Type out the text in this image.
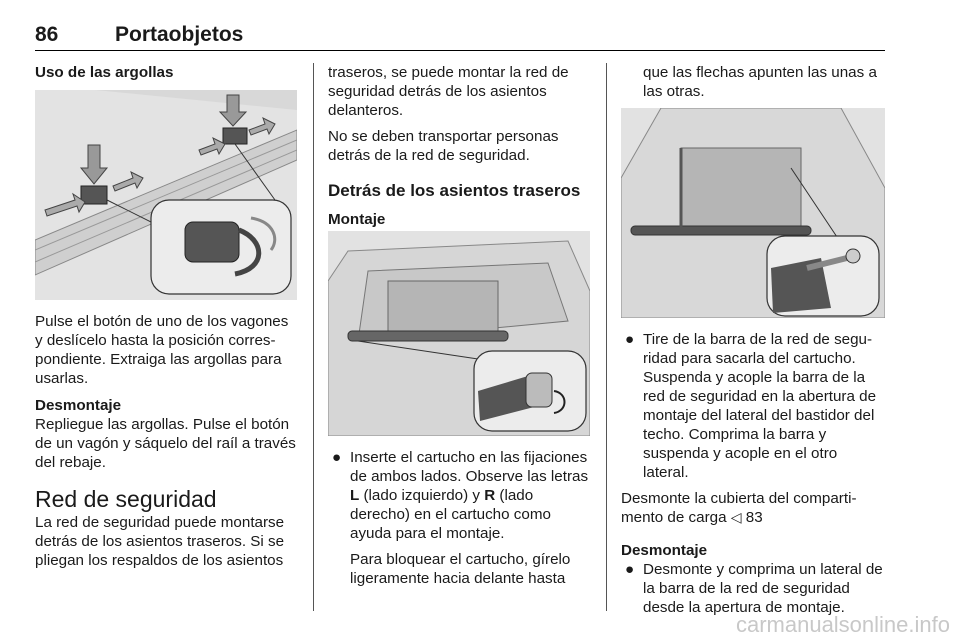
86	Portaobjetos
Uso de las argollas

Pulse el botón de uno de los vagones y deslícelo hasta la posición correspondiente. Extraiga las argollas para usarlas.

Desmontaje

Repliegue las argollas. Pulse el botón de un vagón y sáquelo del raíl a través del rebaje.

Red de seguridad

La red de seguridad puede montarse detrás de los asientos traseros. Si se pliegan los respaldos de los asientos

traseros, se puede montar la red de seguridad detrás de los asientos delanteros.

No se deben transportar personas detrás de la red de seguridad.

Detrás de los asientos traseros
Montaje
● Inserte el cartucho en las fijaciones de ambos lados. Observe las letras L (lado izquierdo) y R (lado derecho) en el cartucho como ayuda para el montaje.

Para bloquear el cartucho, gírelo ligeramente hacia delante hasta

que las flechas apunten las unas a las otras.

● Tire de la barra de la red de seguridad para sacarla del cartucho. Suspenda y acople la barra de la red de seguridad en la abertura de montaje del lateral del bastidor del techo. Comprima la barra y suspenda y acople en el otro lateral.

Desmonte la cubierta del compartimento de carga ◁ 83

Desmontaje
● Desmonte y comprima un lateral de la barra de la red de seguridad desde la apertura de montaje.
carmanualsonline.info
